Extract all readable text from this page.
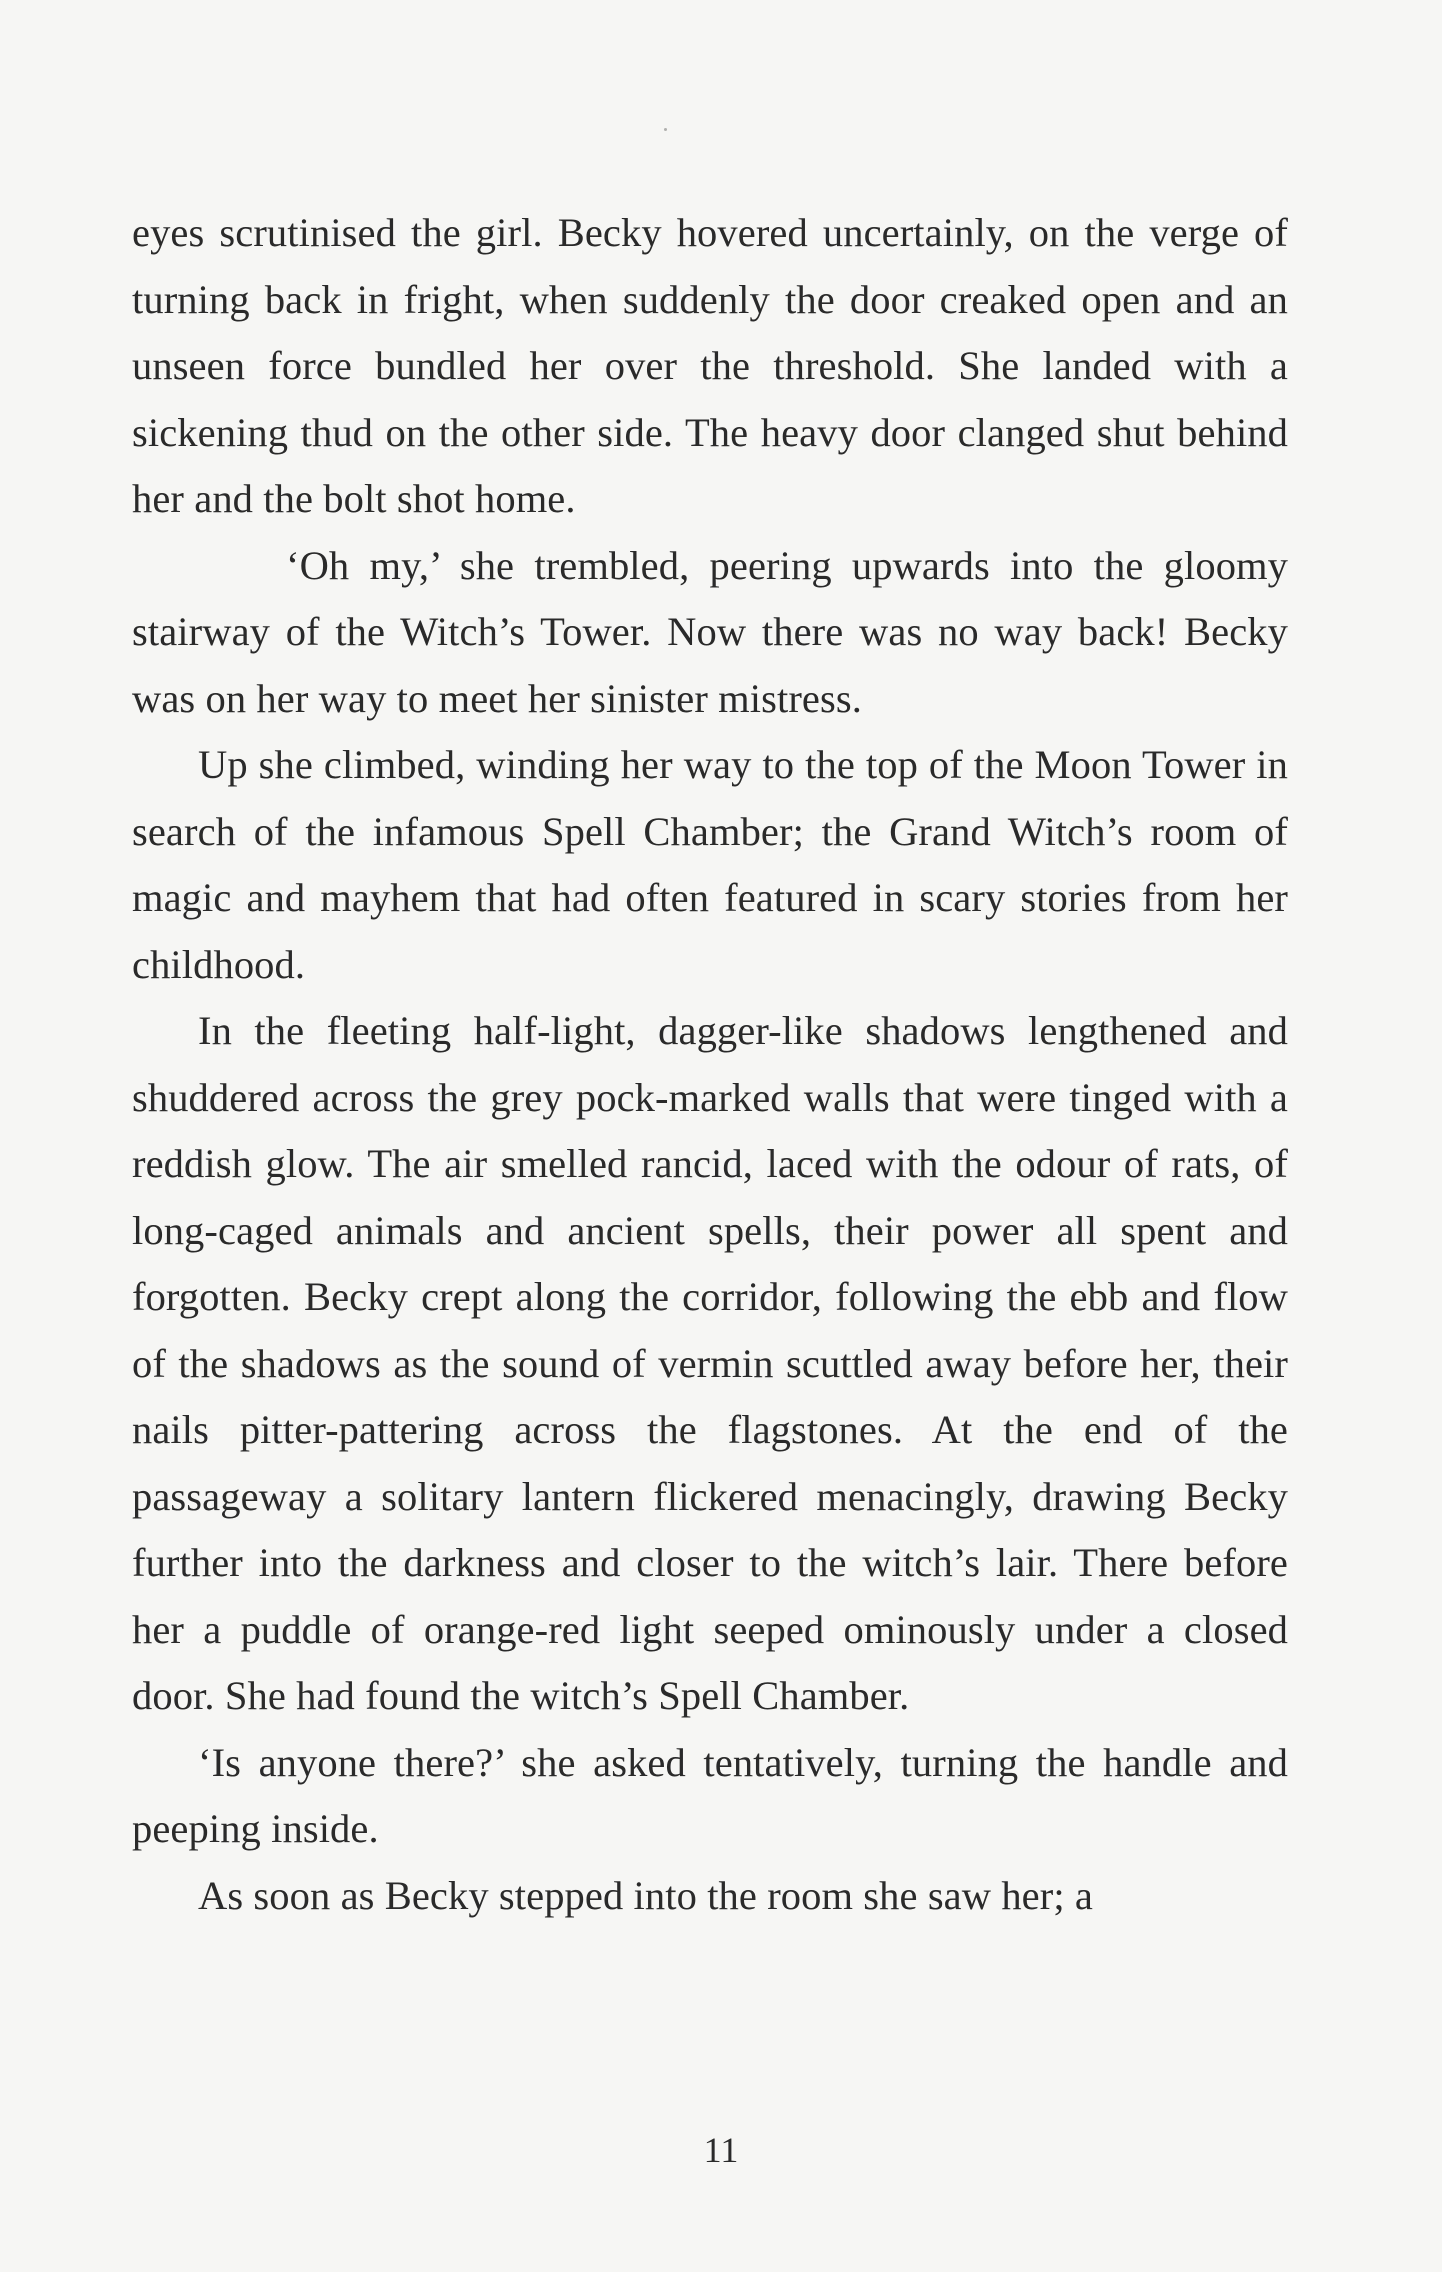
eyes scrutinised the girl. Becky hovered uncertainly, on the verge of turning back in fright, when suddenly the door creaked open and an unseen force bundled her over the threshold. She landed with a sickening thud on the other side. The heavy door clanged shut behind her and the bolt shot home.

‘Oh my,’ she trembled, peering upwards into the gloomy stairway of the Witch’s Tower. Now there was no way back! Becky was on her way to meet her sinister mistress.

Up she climbed, winding her way to the top of the Moon Tower in search of the infamous Spell Chamber; the Grand Witch’s room of magic and mayhem that had often featured in scary stories from her childhood.

In the fleeting half-light, dagger-like shadows lengthened and shuddered across the grey pock-marked walls that were tinged with a reddish glow. The air smelled rancid, laced with the odour of rats, of long-caged animals and ancient spells, their power all spent and forgotten. Becky crept along the corridor, following the ebb and flow of the shadows as the sound of vermin scuttled away before her, their nails pitter-pattering across the flagstones. At the end of the passageway a solitary lantern flickered menacingly, drawing Becky further into the darkness and closer to the witch’s lair. There before her a puddle of orange-red light seeped ominously under a closed door. She had found the witch’s Spell Chamber.

‘Is anyone there?’ she asked tentatively, turning the handle and peeping inside.

As soon as Becky stepped into the room she saw her; a

11
